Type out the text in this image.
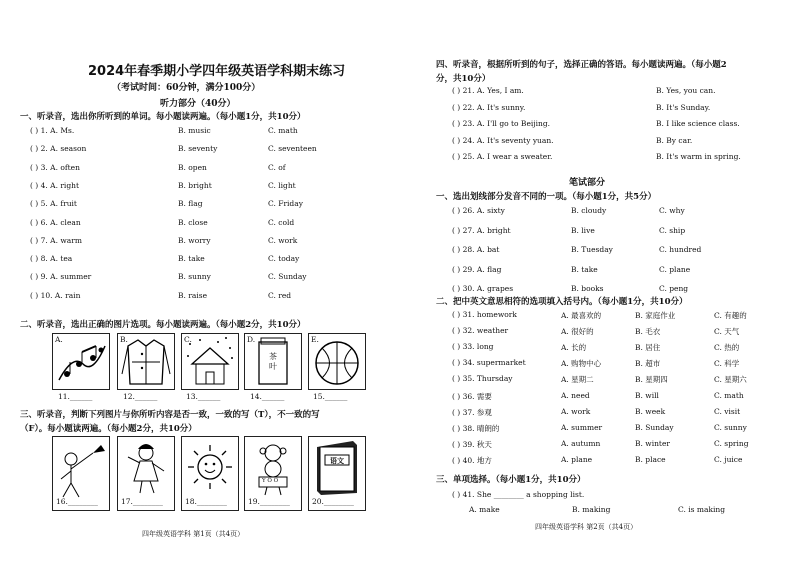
2024年春季期小学四年级英语学科期末练习
（考试时间：60分钟，满分100分）
听力部分（40分）
一、听录音，选出你所听到的单词。每小题读两遍。（每小题1分，共10分）
( ) 1. A. Ms.	B. music	C. math
( ) 2. A. season	B. seventy	C. seventeen
( ) 3. A. often	B. open	C. of
( ) 4. A. right	B. bright	C. light
( ) 5. A. fruit	B. flag	C. Friday
( ) 6. A. clean	B. close	C. cold
( ) 7. A. warm	B. worry	C. work
( ) 8. A. tea	B. take	C. today
( ) 9. A. summer	B. sunny	C. Sunday
( ) 10. A. rain	B. raise	C. red
二、听录音，选出正确的图片选项。每小题读两遍。（每小题2分，共10分）
A.	B.	C.	D.
茶叶
E.
11.______	12.______	13.______	14.______	15.______
三、听录音，判断下列图片与你所听内容是否一致，一致的写（T），不一致的写
（F）。每小题读两遍。（每小题2分，共10分）
16.________	17.________	18.________
Y O O
19.________
语文
20.________
四年级英语学科 第1页（共4页）
四、听录音，根据所听到的句子，选择正确的答语。每小题读两遍。（每小题2
分，共10分）
( ) 21. A. Yes, I am.	B. Yes, you can.
( ) 22. A. It's sunny.	B. It's Sunday.
( ) 23. A. I'll go to Beijing.	B. I like science class.
( ) 24. A. It's seventy yuan.	B. By car.
( ) 25. A. I wear a sweater.	B. It's warm in spring.
笔试部分
一、选出划线部分发音不同的一项。（每小题1分，共5分）
( ) 26. A. sixty	B. cloudy	C. why
( ) 27. A. bright	B. live	C. ship
( ) 28. A. bat	B. Tuesday	C. hundred
( ) 29. A. flag	B. take	C. plane
( ) 30. A. grapes	B. books	C. peng
二、把中英文意思相符的选项填入括号内。（每小题1分，共10分）
( ) 31. homework	A. 最喜欢的	B. 家庭作业	C. 有趣的
( ) 32. weather	A. 很好的	B. 毛衣	C. 天气
( ) 33. long	A. 长的	B. 居住	C. 热的
( ) 34. supermarket	A. 购物中心	B. 超市	C. 科学
( ) 35. Thursday	A. 星期二	B. 星期四	C. 星期六
( ) 36. 需要	A. need	B. will	C. math
( ) 37. 参观	A. work	B. week	C. visit
( ) 38. 晴朗的	A. summer	B. Sunday	C. sunny
( ) 39. 秋天	A. autumn	B. winter	C. spring
( ) 40. 地方	A. plane	B. place	C. juice
三、单项选择。（每小题1分，共10分）
( ) 41. She ________ a shopping list.
A. make	B. making	C. is making
四年级英语学科 第2页（共4页）
